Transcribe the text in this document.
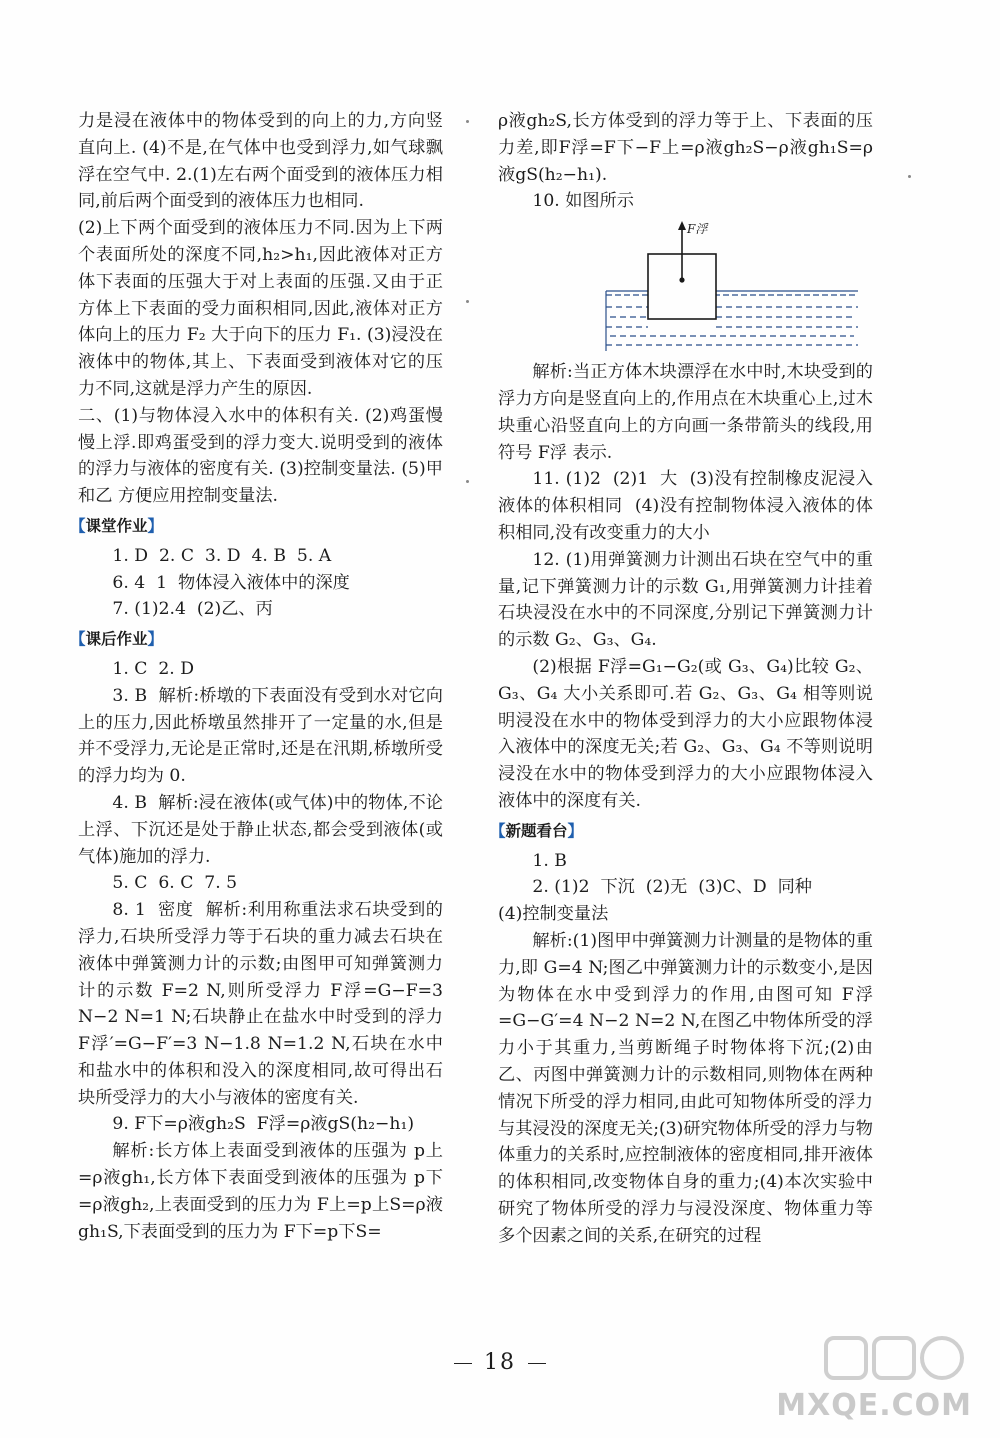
力是浸在液体中的物体受到的向上的力,方向竖直向上. (4)不是,在气体中也受到浮力,如气球飘浮在空气中. 2.(1)左右两个面受到的液体压力相同,前后两个面受到的液体压力也相同.

(2)上下两个面受到的液体压力不同.因为上下两个表面所处的深度不同,h₂>h₁,因此液体对正方体下表面的压强大于对上表面的压强.又由于正方体上下表面的受力面积相同,因此,液体对正方体向上的压力 F₂ 大于向下的压力 F₁. (3)浸没在液体中的物体,其上、下表面受到液体对它的压力不同,这就是浮力产生的原因.

二、(1)与物体浸入水中的体积有关. (2)鸡蛋慢慢上浮.即鸡蛋受到的浮力变大.说明受到的液体的浮力与液体的密度有关. (3)控制变量法. (5)甲和乙 方便应用控制变量法.

【课堂作业】

1. D  2. C  3. D  4. B  5. A

6. 4  1  物体浸入液体中的深度

7. (1)2.4  (2)乙、丙

【课后作业】

1. C  2. D

3. B  解析:桥墩的下表面没有受到水对它向上的压力,因此桥墩虽然排开了一定量的水,但是并不受浮力,无论是正常时,还是在汛期,桥墩所受的浮力均为 0.

4. B  解析:浸在液体(或气体)中的物体,不论上浮、下沉还是处于静止状态,都会受到液体(或气体)施加的浮力.

5. C  6. C  7. 5

8. 1  密度  解析:利用称重法求石块受到的浮力,石块所受浮力等于石块的重力减去石块在液体中弹簧测力计的示数;由图甲可知弹簧测力计的示数 F=2 N,则所受浮力 F浮=G−F=3 N−2 N=1 N;石块静止在盐水中时受到的浮力 F浮′=G−F′=3 N−1.8 N=1.2 N,石块在水中和盐水中的体积和没入的深度相同,故可得出石块所受浮力的大小与液体的密度有关.

9. F下=ρ液gh₂S  F浮=ρ液gS(h₂−h₁)

解析:长方体上表面受到液体的压强为 p上=ρ液gh₁,长方体下表面受到液体的压强为 p下=ρ液gh₂,上表面受到的压力为 F上=p上S=ρ液gh₁S,下表面受到的压力为 F下=p下S=

ρ液gh₂S,长方体受到的浮力等于上、下表面的压力差,即F浮=F下−F上=ρ液gh₂S−ρ液gh₁S=ρ液gS(h₂−h₁).

10. 如图所示

F浮

解析:当正方体木块漂浮在水中时,木块受到的浮力方向是竖直向上的,作用点在木块重心上,过木块重心沿竖直向上的方向画一条带箭头的线段,用符号 F浮 表示.

11. (1)2  (2)1  大  (3)没有控制橡皮泥浸入液体的体积相同  (4)没有控制物体浸入液体的体积相同,没有改变重力的大小

12. (1)用弹簧测力计测出石块在空气中的重量,记下弹簧测力计的示数 G₁,用弹簧测力计挂着石块浸没在水中的不同深度,分别记下弹簧测力计的示数 G₂、G₃、G₄.

(2)根据 F浮=G₁−G₂(或 G₃、G₄)比较 G₂、G₃、G₄ 大小关系即可.若 G₂、G₃、G₄ 相等则说明浸没在水中的物体受到浮力的大小应跟物体浸入液体中的深度无关;若 G₂、G₃、G₄ 不等则说明浸没在水中的物体受到浮力的大小应跟物体浸入液体中的深度有关.

【新题看台】

1. B

2. (1)2  下沉  (2)无  (3)C、D  同种

(4)控制变量法

解析:(1)图甲中弹簧测力计测量的是物体的重力,即 G=4 N;图乙中弹簧测力计的示数变小,是因为物体在水中受到浮力的作用,由图可知 F浮=G−G′=4 N−2 N=2 N,在图乙中物体所受的浮力小于其重力,当剪断绳子时物体将下沉;(2)由乙、丙图中弹簧测力计的示数相同,则物体在两种情况下所受的浮力相同,由此可知物体所受的浮力与其浸没的深度无关;(3)研究物体所受的浮力与物体重力的关系时,应控制液体的密度相同,排开液体的体积相同,改变物体自身的重力;(4)本次实验中研究了物体所受的浮力与浸没深度、物体重力等多个因素之间的关系,在研究的过程

18
MXQE.COM
